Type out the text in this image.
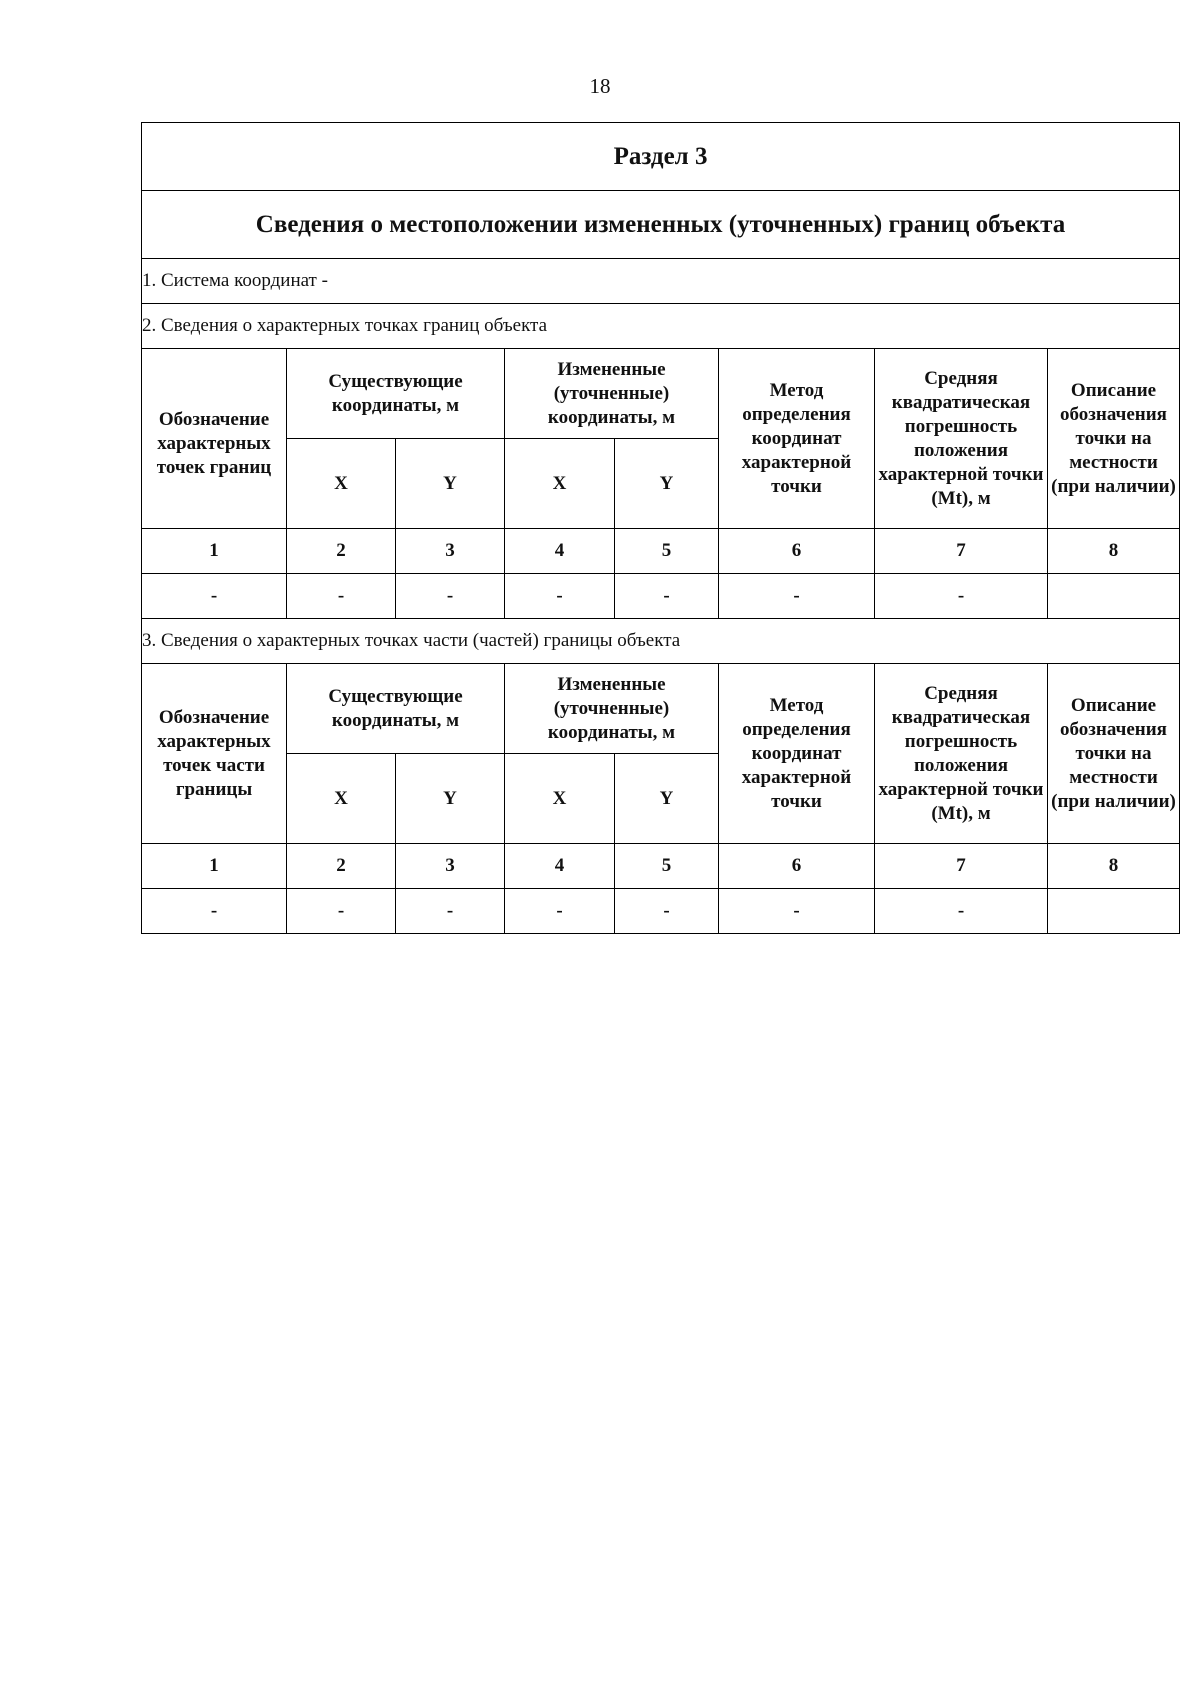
18
Раздел 3							
Сведения о местоположении измененных (уточненных) границ объекта							
1. Система координат -							
2. Сведения о характерных точках границ объекта							
Обозначение характерных точек границ	Существующие координаты, м		Измененные (уточненные) координаты, м		Метод определения координат характерной точки	Средняя квадратическая погрешность положения характерной точки (Mt), м	Описание обозначения точки на местности (при наличии)
	X	Y	X	Y			
1	2	3	4	5	6	7	8
-	-	-	-	-	-	-	
3. Сведения о характерных точках части (частей) границы объекта							
Обозначение характерных точек части границы	Существующие координаты, м		Измененные (уточненные) координаты, м		Метод определения координат характерной точки	Средняя квадратическая погрешность положения характерной точки (Mt), м	Описание обозначения точки на местности (при наличии)
	X	Y	X	Y			
1	2	3	4	5	6	7	8
-	-	-	-	-	-	-	
